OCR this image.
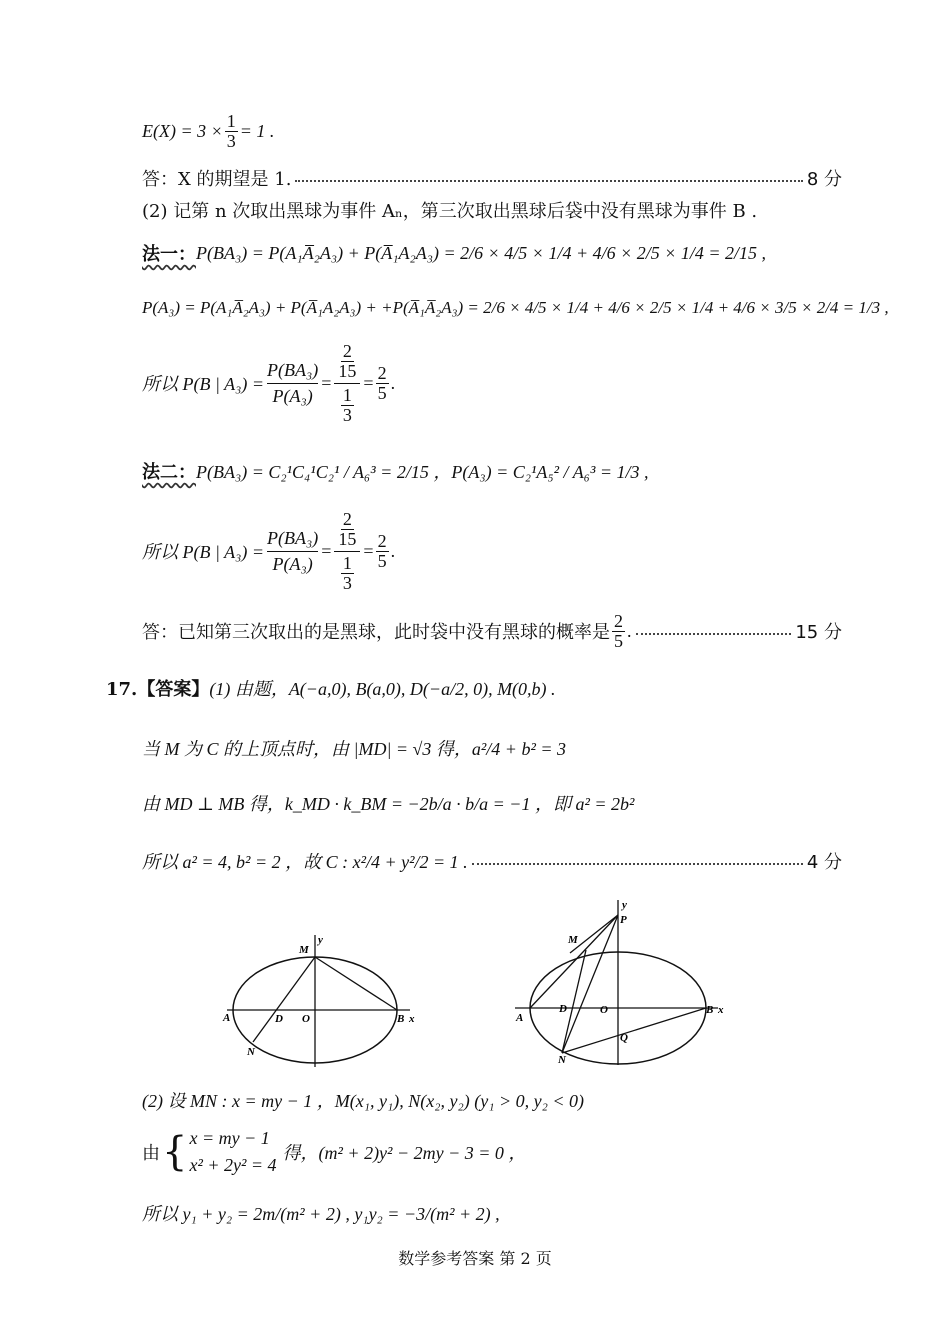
$E(X) = 3 \times \frac{1}{3} = 1$ .
答：X 的期望是 1.	8 分
(2) 记第 n 次取出黑球为事件 Aₙ，第三次取出黑球后袋中没有黑球为事件 B .
法一： P(BA₃) = P(A₁A̅₂A₃) + P(A̅₁A₂A₃) = 2/6 × 4/5 × 1/4 + 4/6 × 2/5 × 1/4 = 2/15 ,
P(A₃) = P(A₁A̅₂A₃) + P(A̅₁A₂A₃) + +P(A̅₁A̅₂A₃) = 2/6 × 4/5 × 1/4 + 4/6 × 2/5 × 1/4 + 4/6 × 3/5 × 2/4 = 1/3 ,
所以 P(B | $A_3) = \frac{\text{P(BA₃)}}{\text{P(A₃)}} = \frac{\frac{2}{15}}{\frac{1}{3}} = \frac{2}{5}$ .
法二： P(BA₃) = C₂¹C₄¹C₂¹ / A₆³ = 2/15 ，P(A₃) = C₂¹A₅² / A₆³ = 1/3 ,
所以 P(B | $A_3) = \frac{\text{P(BA₃)}}{\text{P(A₃)}} = \frac{\frac{2}{15}}{\frac{1}{3}} = \frac{2}{5}$ .
答：已知第三次取出的是黑球，此时袋中没有黑球的概率是 $\frac{2}{5}$ .	15 分
17.【答案】 (1) 由题，A(−a,0), B(a,0), D(−a/2, 0), M(0,b) .
当 M 为 C 的上顶点时，由 |MD| = √3 得，a²/4 + b² = 3
由 MD ⊥ MB 得，k_MD · k_BM = −2b/a · b/a = −1 ，即 a² = 2b²
所以 a² = 4, b² = 2 ，故 C : x²/4 + y²/2 = 1 .	4 分
M
y
A	D O	B x
N
M
y
P
A
D	O	B x
Q
N
(2) 设 MN : x = my − 1 ，M(x₁, y₁), N(x₂, y₂) (y₁ > 0, y₂ < 0)
由 { x = my − 1
x² + 2y² = 4
得，(m² + 2)y² − 2my − 3 = 0 ，
所以 y₁ + y₂ = 2m/(m² + 2) , y₁y₂ = −3/(m² + 2) ,
数学参考答案 第 2 页
